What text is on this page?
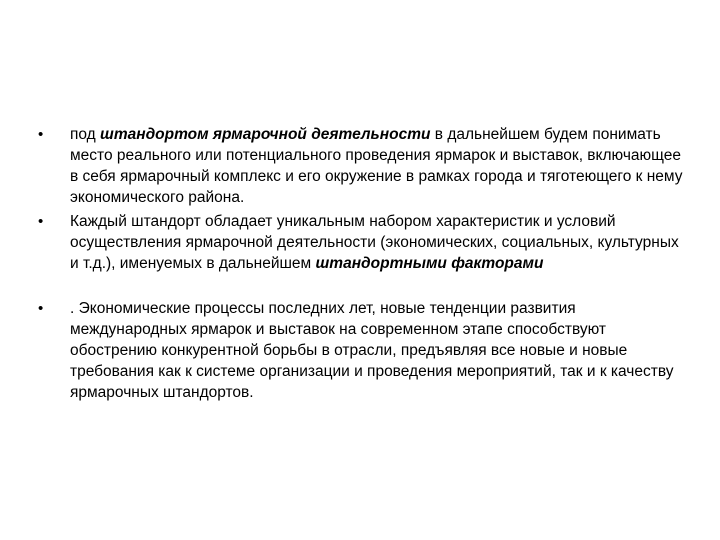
•	под штандортом ярмарочной деятельности в дальнейшем будем понимать место реального или потенциального проведения ярмарок и выставок, включающее в себя ярмарочный комплекс и его окружение в рамках города и тяготеющего к нему экономического района.
•	Каждый штандорт обладает уникальным набором характеристик и условий осуществления ярмарочной деятельности (экономических, социальных, культурных и т.д.), именуемых в дальнейшем штандортными факторами
•	. Экономические процессы последних лет, новые тенденции развития международных ярмарок и выставок на современном этапе способствуют обострению конкурентной борьбы в отрасли, предъявляя все новые и новые требования как к системе организации и проведения мероприятий, так и к качеству ярмарочных штандортов.
